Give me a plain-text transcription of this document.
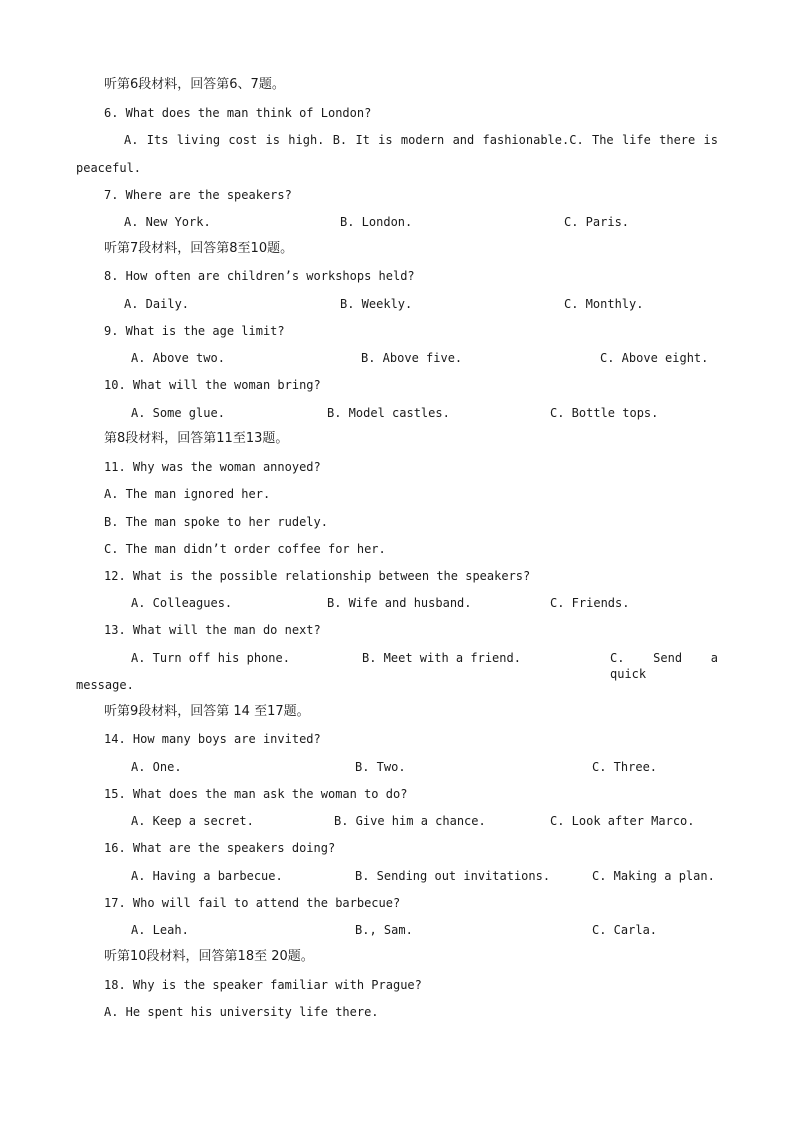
听第6段材料，回答第6、7题。
6. What does the man think of London?
A. Its living cost is high. B. It is modern and fashionable.C. The life there is
peaceful.
7. Where are the speakers?
A. New York.	B. London.	C. Paris.
听第7段材料，回答第8至10题。
8. How often are children’s workshops held?
A. Daily.	B. Weekly.	C. Monthly.
9. What is the age limit?
A. Above two.	B. Above five.	C. Above eight.
10. What will the woman bring?
A. Some glue.	B. Model castles.	C. Bottle tops.
第8段材料，回答第11至13题。
11. Why was the woman annoyed?
A. The man ignored her.
B. The man spoke to her rudely.
C. The man didn’t order coffee for her.
12. What is the possible relationship between the speakers?
A. Colleagues.	B. Wife and husband.	C. Friends.
13. What will the man do next?
A. Turn off his phone.	B. Meet with a friend.	C. Send a quick
message.
听第9段材料，回答第 14 至17题。
14. How many boys are invited?
A. One.	B. Two.	C. Three.
15. What does the man ask the woman to do?
A. Keep a secret.	B. Give him a chance.	C. Look after Marco.
16. What are the speakers doing?
A. Having a barbecue.	B. Sending out invitations.	C. Making a plan.
17. Who will fail to attend the barbecue?
A. Leah.	B., Sam.	C. Carla.
听第10段材料，回答第18至 20题。
18. Why is the speaker familiar with Prague?
A. He spent his university life there.
